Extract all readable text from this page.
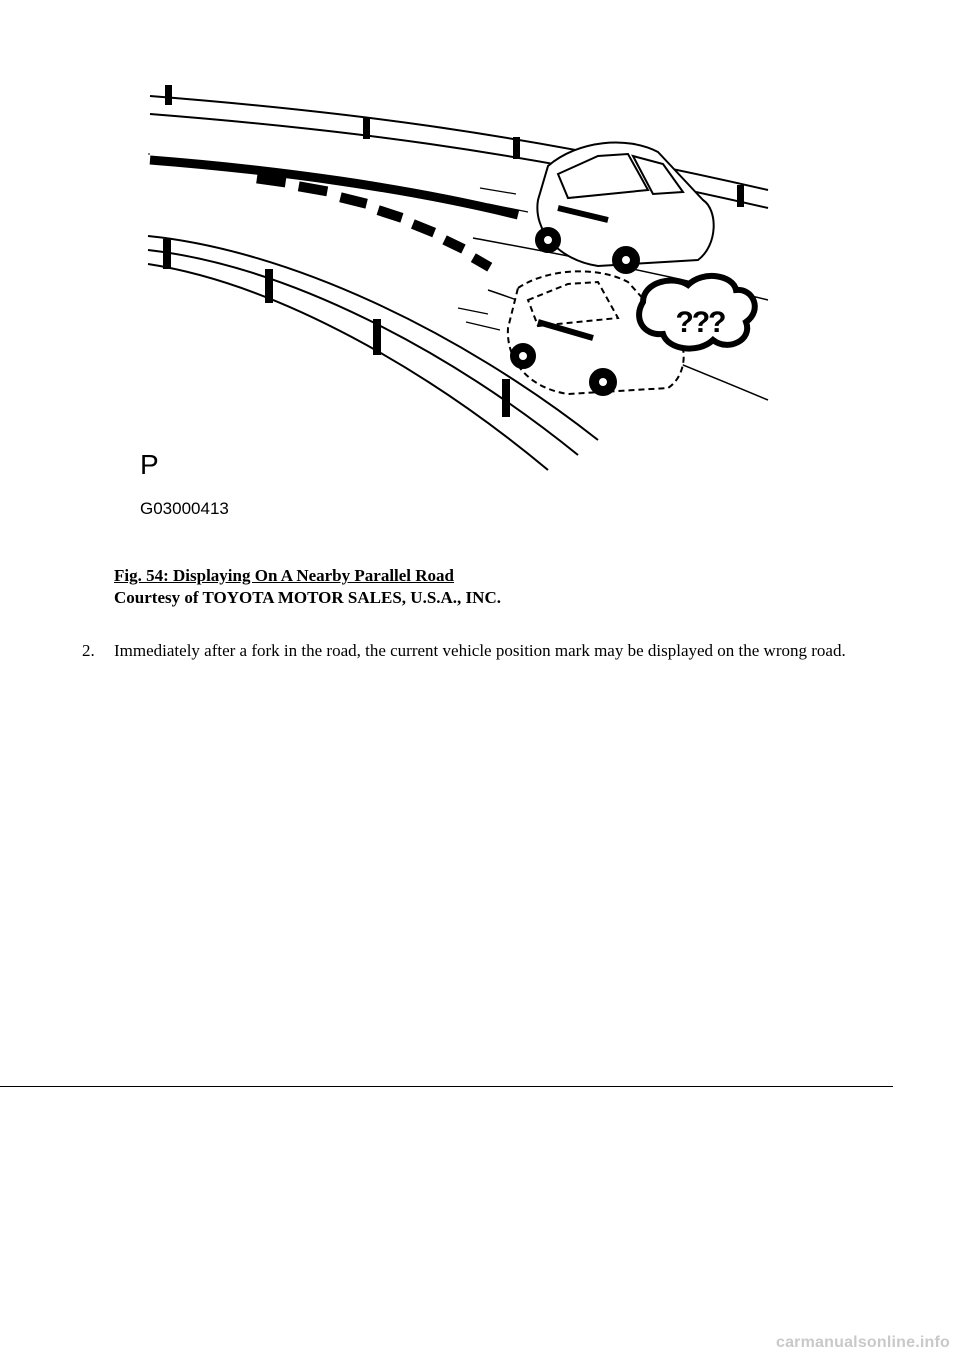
???
P
G03000413
Fig. 54: Displaying On A Nearby Parallel Road
Courtesy of TOYOTA MOTOR SALES, U.S.A., INC.
2.	Immediately after a fork in the road, the current vehicle position mark may be displayed on the wrong road.
carmanualsonline.info
